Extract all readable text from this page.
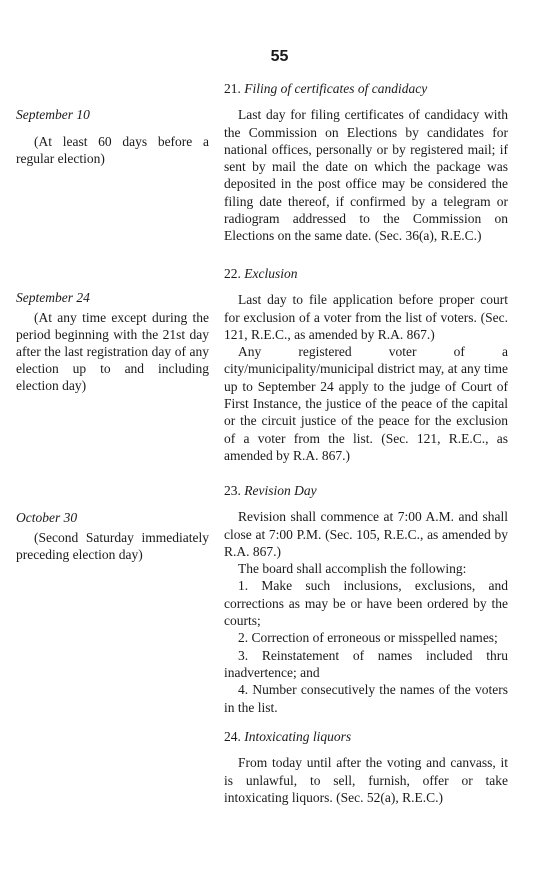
55

September 10

(At least 60 days before a regular election)

September 24

(At any time except during the period beginning with the 21st day after the last registration day of any election up to and including election day)

October 30

(Second Saturday immediately preceding election day)

21. Filing of certificates of candidacy

Last day for filing certificates of candidacy with the Commission on Elections by candidates for national offices, personally or by registered mail; if sent by mail the date on which the package was deposited in the post office may be considered the filing date thereof, if confirmed by a telegram or radiogram addressed to the Commission on Elections on the same date. (Sec. 36(a), R.E.C.)

22. Exclusion

Last day to file application before proper court for exclusion of a voter from the list of voters. (Sec. 121, R.E.C., as amended by R.A. 867.)

Any registered voter of a city/municipality/municipal district may, at any time up to September 24 apply to the judge of Court of First Instance, the justice of the peace of the capital or the circuit justice of the peace for the exclusion of a voter from the list. (Sec. 121, R.E.C., as amended by R.A. 867.)

23. Revision Day

Revision shall commence at 7:00 A.M. and shall close at 7:00 P.M. (Sec. 105, R.E.C., as amended by R.A. 867.)

The board shall accomplish the following:

1. Make such inclusions, exclusions, and corrections as may be or have been ordered by the courts;

2. Correction of erroneous or misspelled names;

3. Reinstatement of names included thru inadvertence; and

4. Number consecutively the names of the voters in the list.

24. Intoxicating liquors

From today until after the voting and canvass, it is unlawful, to sell, furnish, offer or take intoxicating liquors. (Sec. 52(a), R.E.C.)
